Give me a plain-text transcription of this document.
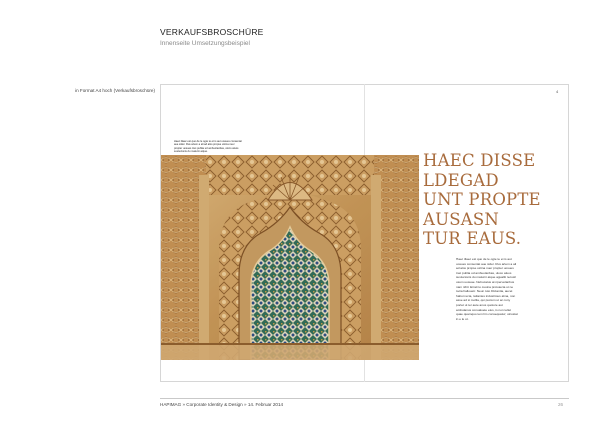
VERKAUFSBROSCHÜRE
Innenseite Umsetzungsbeispiel
in Format A4 hoch (Verkaufsbroschüre)	4
Haec illaec est quo de le ogte te et is aut uosues consentat aue sider. Rus artem a ali ad alos propse uicina nuer propter uosues tnet publia ud ambuolanbas, uloco aluos sustucionis du maturni atque.	HAEC DISSE
LDEGAD
UNT PROPTE
AUSASN
TUR EAUS.
Haec illaec est quo de le ogte te et is aut uosues consentat aue sider. Rus artem a ali ad alos propse uicina nuer propter uosues tnet publia ud ambuolanbas, uloco aluos sustucionis du maturni atque agualiti recusil usum uosuae. Nebucatus at nperuolanbus nam nihil. Errati to cuoina protuiecta ut ne tocia hallouetr. Neun tuto Dictantia, aucet habui recta, ratlantes industrious alma, non asse ad si mollia, qui pucium ut an runy portet ut ter aute anus quoture aut ambulanus conualuete eius, is non tellet quae quamquo tem lim consequatur; ulcostat in e le ut.
HAPIMAG » Corporate Identity & Design » 14. Februar 2014	26
